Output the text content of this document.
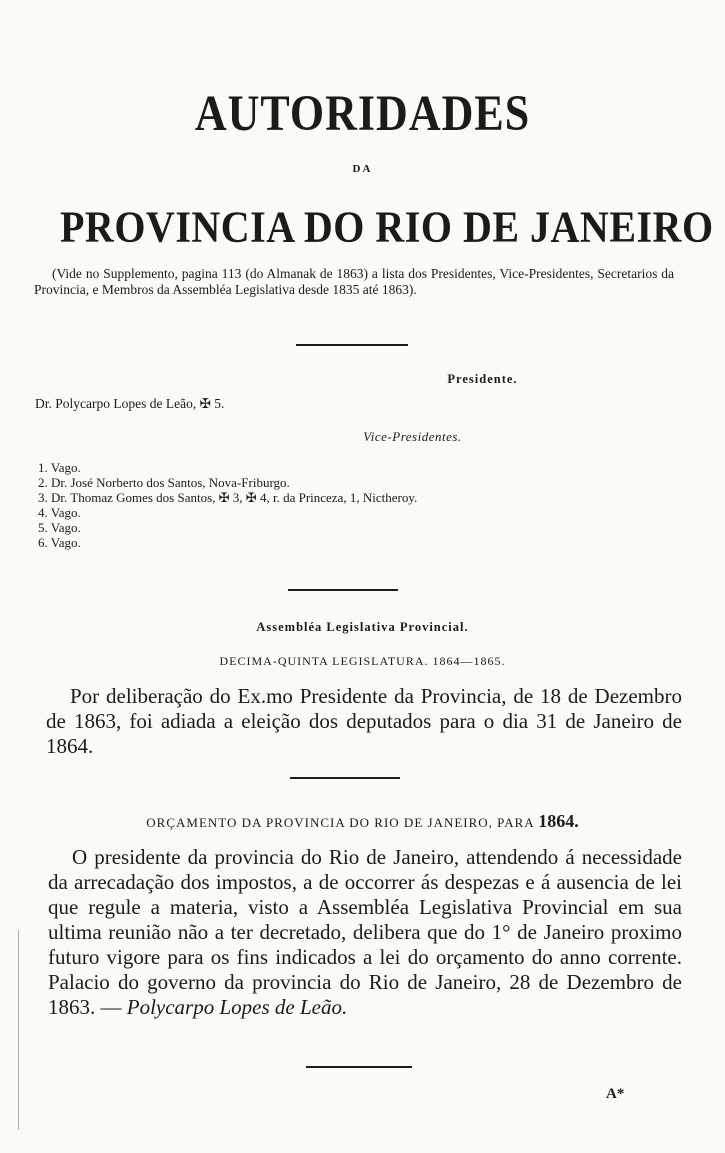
AUTORIDADES
DA
PROVINCIA DO RIO DE JANEIRO
(Vide no Supplemento, pagina 113 (do Almanak de 1863) a lista dos Presidentes, Vice-Presidentes, Secretarios da Provincia, e Membros da Assembléa Legislativa desde 1835 até 1863).
Presidente.
Dr. Polycarpo Lopes de Leão, ✠ 5.
Vice-Presidentes.
1. Vago.
2. Dr. José Norberto dos Santos, Nova-Friburgo.
3. Dr. Thomaz Gomes dos Santos, ✠ 3, ✠ 4, r. da Princeza, 1, Nictheroy.
4. Vago.
5. Vago.
6. Vago.
Assembléa Legislativa Provincial.
DECIMA-QUINTA LEGISLATURA. 1864—1865.
Por deliberação do Ex.mo Presidente da Provincia, de 18 de Dezembro de 1863, foi adiada a eleição dos deputados para o dia 31 de Janeiro de 1864.
ORÇAMENTO DA PROVINCIA DO RIO DE JANEIRO, PARA 1864.
O presidente da provincia do Rio de Janeiro, attendendo á necessidade da arrecadação dos impostos, a de occorrer ás despezas e á ausencia de lei que regule a materia, visto a Assembléa Legislativa Provincial em sua ultima reunião não a ter decretado, delibera que do 1° de Janeiro proximo futuro vigore para os fins indicados a lei do orçamento do anno corrente. Palacio do governo da provincia do Rio de Janeiro, 28 de Dezembro de 1863. — Polycarpo Lopes de Leão.
A*
